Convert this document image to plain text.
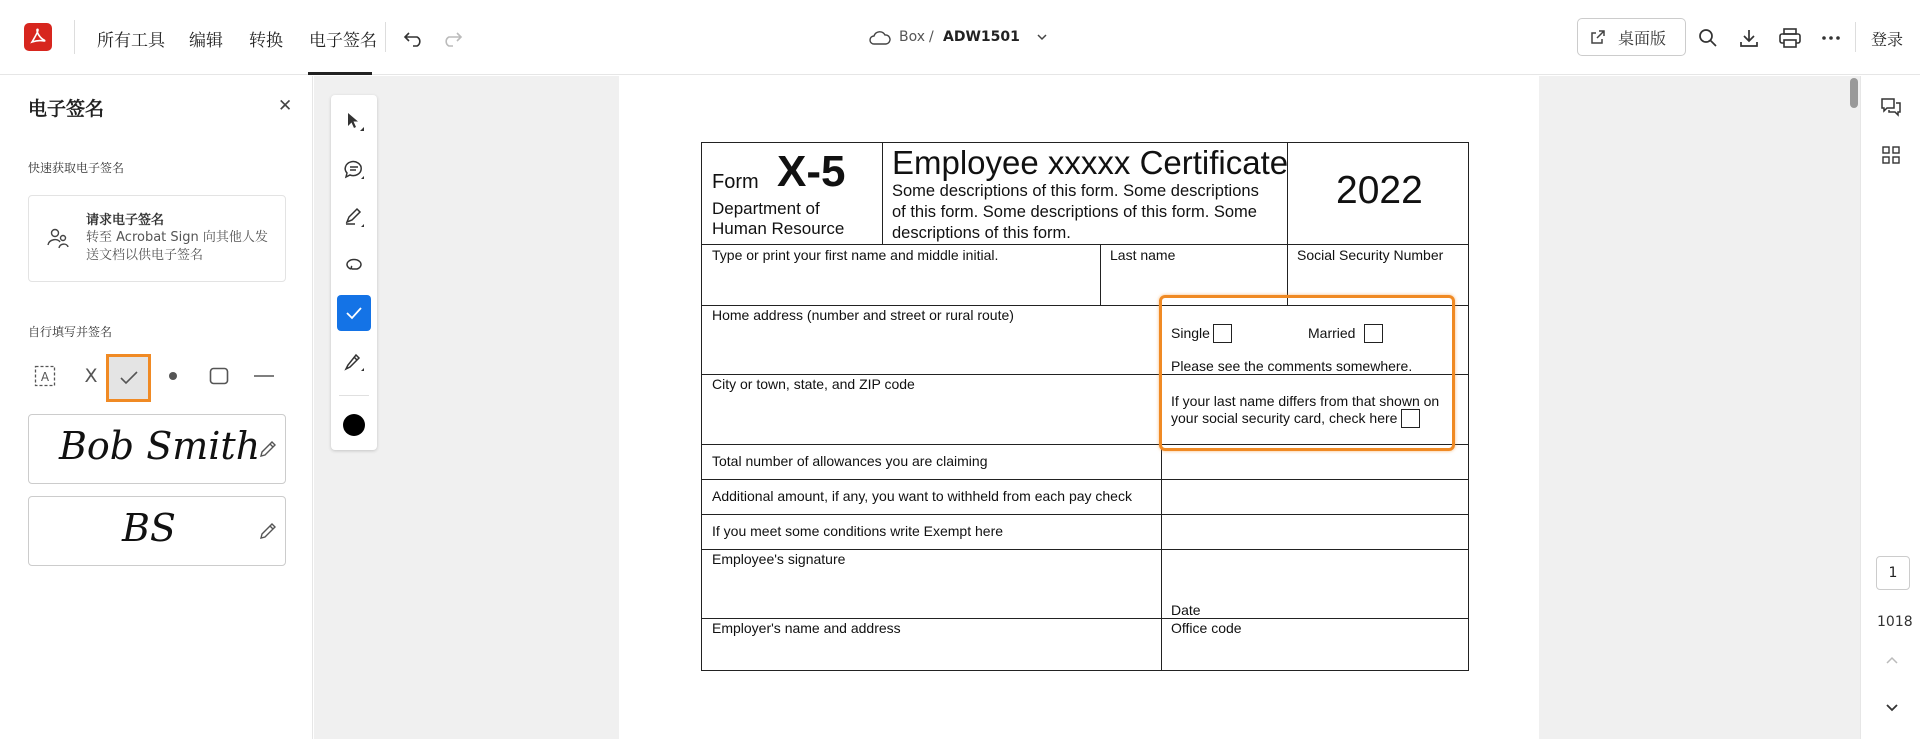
所有工具 编辑 转换 电子签名	Box / ADW1501	桌面版	登录
电子签名	✕
快速获取电子签名
请求电子签名
转至 Acrobat Sign 向其他人发送文档以供电子签名
自行填写并签名
A	X
Bob Smith
BS
Form X-5
Department of
Human Resource
Employee xxxxx Certificate
Some descriptions of this form. Some descriptions
of this form. Some descriptions of this form. Some
descriptions of this form.
2022
Type or print your first name and middle initial.	Last name	Social Security Number
Home address (number and street or rural route)
Single	Married
Please see the comments somewhere.
City or town, state, and ZIP code
If your last name differs from that shown on
your social security card, check here
Total number of allowances you are claiming
Additional amount, if any, you want to withheld from each pay check
If you meet some conditions write Exempt here
Employee's signature
Date
Employer's name and address	Office code
1
1018
